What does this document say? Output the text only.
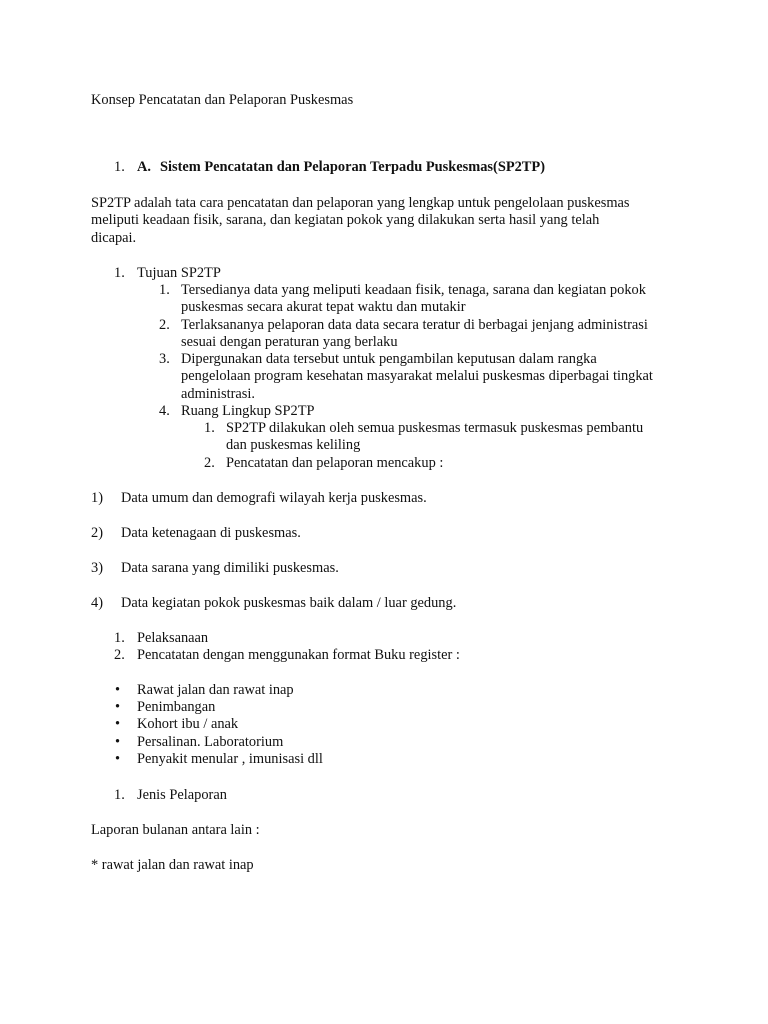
Konsep Pencatatan dan Pelaporan Puskesmas
1. A. Sistem Pencatatan dan Pelaporan Terpadu Puskesmas(SP2TP)
SP2TP adalah tata cara pencatatan dan pelaporan yang lengkap untuk pengelolaan puskesmas
meliputi keadaan fisik, sarana, dan kegiatan pokok yang dilakukan serta hasil yang telah
dicapai.
1. Tujuan SP2TP
1. Tersedianya data yang meliputi keadaan fisik, tenaga, sarana dan kegiatan pokok
puskesmas secara akurat tepat waktu dan mutakir
2. Terlaksananya pelaporan data data secara teratur di berbagai jenjang administrasi
sesuai dengan peraturan yang berlaku
3. Dipergunakan data tersebut untuk pengambilan keputusan dalam rangka
pengelolaan program kesehatan masyarakat melalui puskesmas diperbagai tingkat
administrasi.
4. Ruang Lingkup SP2TP
1. SP2TP dilakukan oleh semua puskesmas termasuk puskesmas pembantu
dan puskesmas keliling
2. Pencatatan dan pelaporan mencakup :
1) Data umum dan demografi wilayah kerja puskesmas.
2) Data ketenagaan di puskesmas.
3) Data sarana yang dimiliki puskesmas.
4) Data kegiatan pokok puskesmas baik dalam / luar gedung.
1. Pelaksanaan
2. Pencatatan dengan menggunakan format Buku register :
• Rawat jalan dan rawat inap
• Penimbangan
• Kohort ibu / anak
• Persalinan. Laboratorium
• Penyakit menular , imunisasi dll
1. Jenis Pelaporan
Laporan bulanan antara lain :
* rawat jalan dan rawat inap
